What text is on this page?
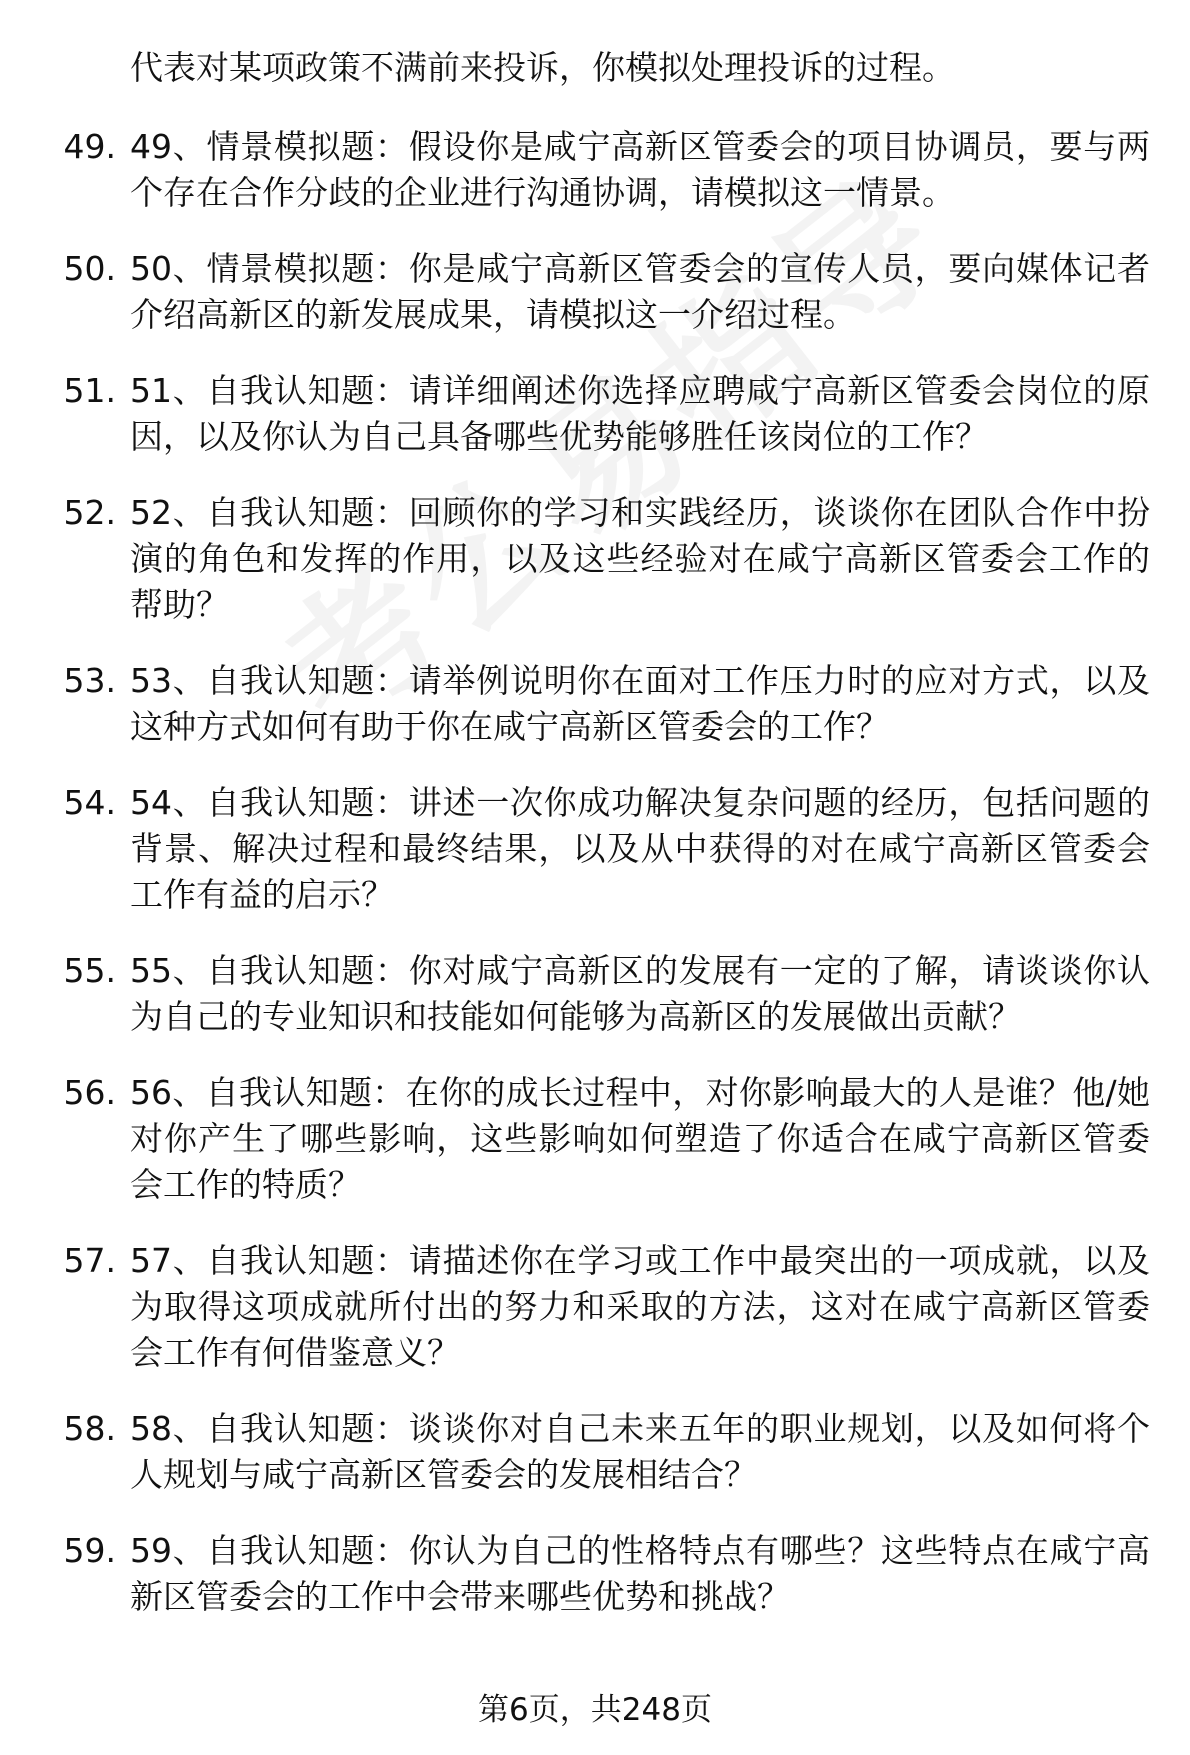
代表对某项政策不满前来投诉，你模拟处理投诉的过程。
49. 49、情景模拟题：假设你是咸宁高新区管委会的项目协调员，要与两个存在合作分歧的企业进行沟通协调，请模拟这一情景。
50. 50、情景模拟题：你是咸宁高新区管委会的宣传人员，要向媒体记者介绍高新区的新发展成果，请模拟这一介绍过程。
51. 51、自我认知题：请详细阐述你选择应聘咸宁高新区管委会岗位的原因，以及你认为自己具备哪些优势能够胜任该岗位的工作？
52. 52、自我认知题：回顾你的学习和实践经历，谈谈你在团队合作中扮演的角色和发挥的作用，以及这些经验对在咸宁高新区管委会工作的帮助？
53. 53、自我认知题：请举例说明你在面对工作压力时的应对方式，以及这种方式如何有助于你在咸宁高新区管委会的工作？
54. 54、自我认知题：讲述一次你成功解决复杂问题的经历，包括问题的背景、解决过程和最终结果，以及从中获得的对在咸宁高新区管委会工作有益的启示？
55. 55、自我认知题：你对咸宁高新区的发展有一定的了解，请谈谈你认为自己的专业知识和技能如何能够为高新区的发展做出贡献？
56. 56、自我认知题：在你的成长过程中，对你影响最大的人是谁？他/她对你产生了哪些影响，这些影响如何塑造了你适合在咸宁高新区管委会工作的特质？
57. 57、自我认知题：请描述你在学习或工作中最突出的一项成就，以及为取得这项成就所付出的努力和采取的方法，这对在咸宁高新区管委会工作有何借鉴意义？
58. 58、自我认知题：谈谈你对自己未来五年的职业规划，以及如何将个人规划与咸宁高新区管委会的发展相结合？
59. 59、自我认知题：你认为自己的性格特点有哪些？这些特点在咸宁高新区管委会的工作中会带来哪些优势和挑战？
第6页，共248页
